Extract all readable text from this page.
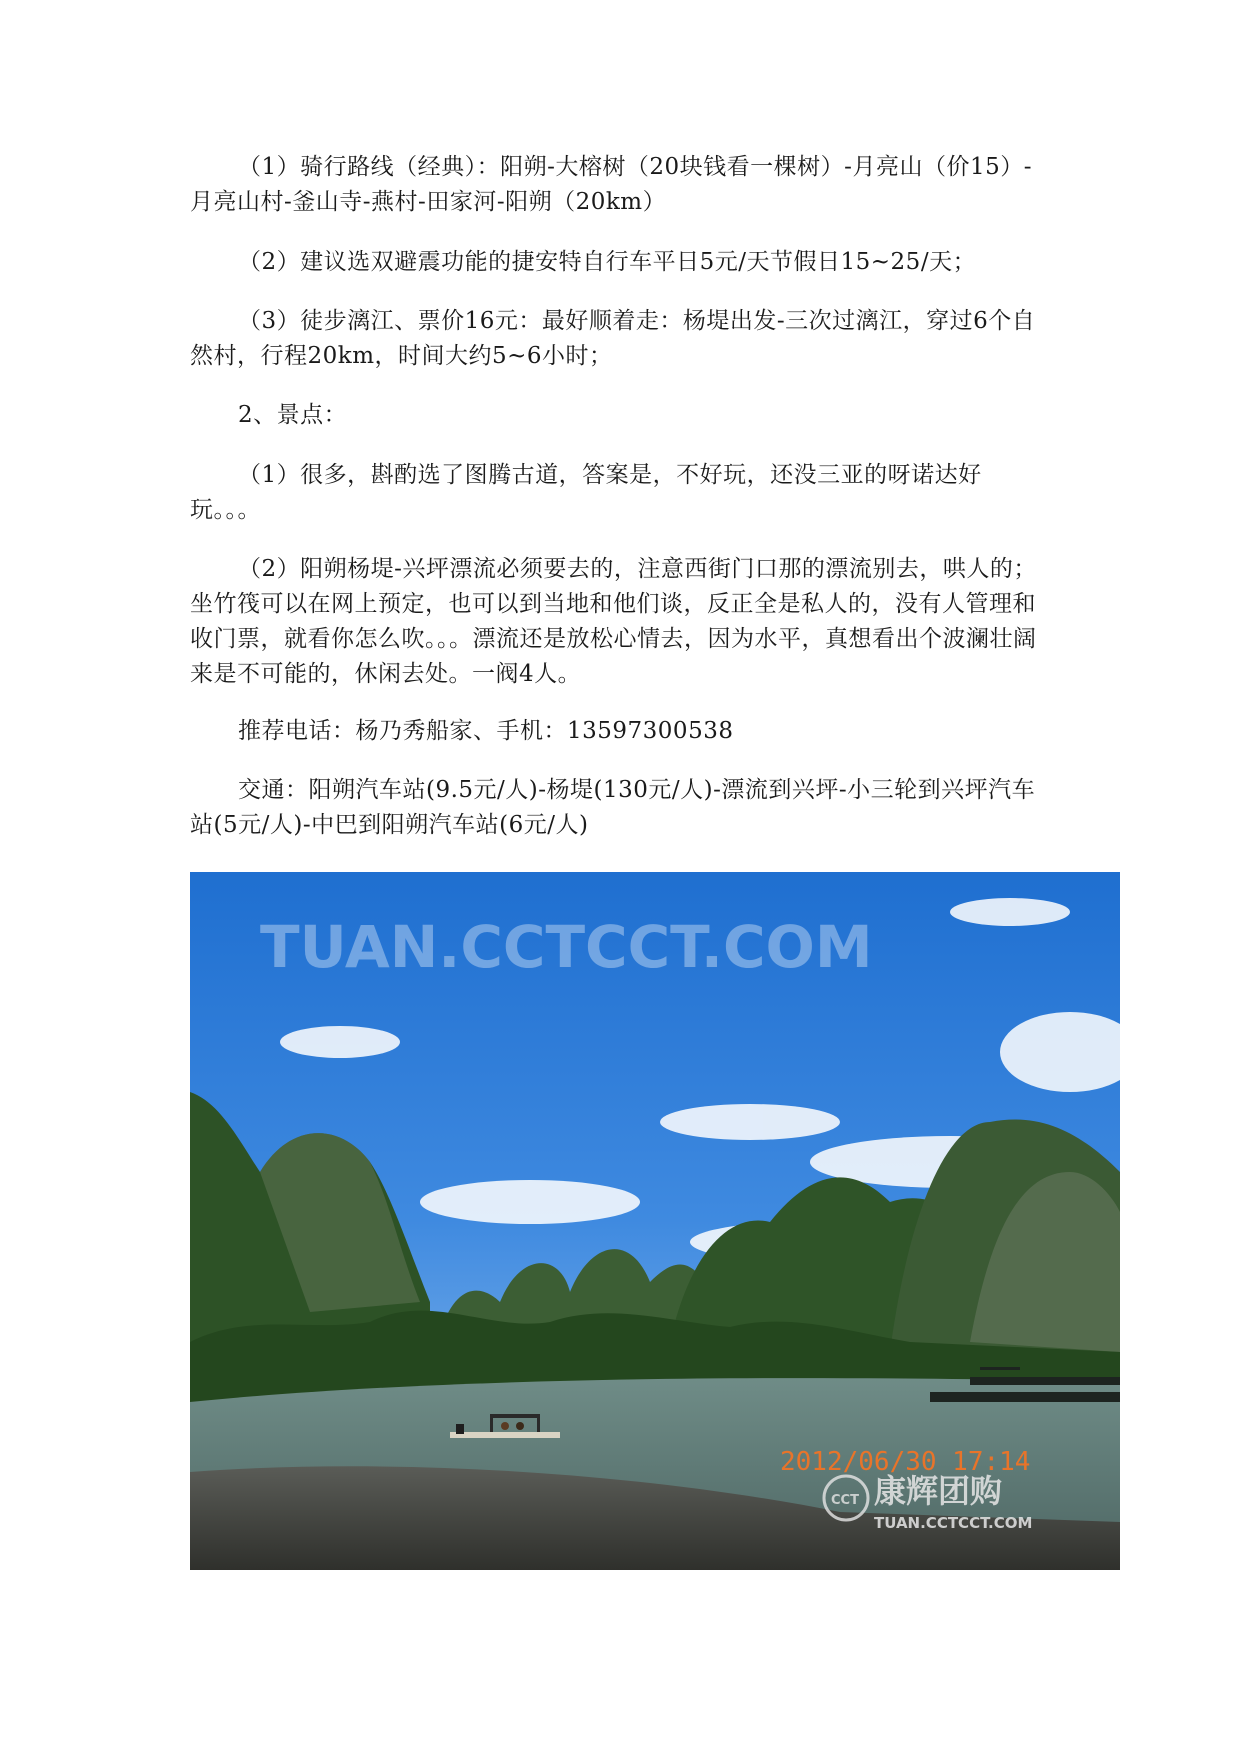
（1）骑行路线（经典）：阳朔-大榕树（20块钱看一棵树）-月亮山（价15）-月亮山村-釜山寺-燕村-田家河-阳朔（20km）

（2）建议选双避震功能的捷安特自行车平日5元/天节假日15~25/天；

（3）徒步漓江、票价16元：最好顺着走：杨堤出发-三次过漓江，穿过6个自然村，行程20km，时间大约5~6小时；

2、景点：

（1）很多，斟酌选了图腾古道，答案是，不好玩，还没三亚的呀诺达好玩。。。

（2）阳朔杨堤-兴坪漂流必须要去的，注意西街门口那的漂流别去，哄人的；坐竹筏可以在网上预定，也可以到当地和他们谈，反正全是私人的，没有人管理和收门票，就看你怎么吹。。。漂流还是放松心情去，因为水平，真想看出个波澜壮阔来是不可能的，休闲去处。一阀4人。

推荐电话：杨乃秀船家、手机：13597300538

交通：阳朔汽车站(9.5元/人)-杨堤(130元/人)-漂流到兴坪-小三轮到兴坪汽车站(5元/人)-中巴到阳朔汽车站(6元/人)

TUAN.CCTCCT.COM
2012/06/30 17:14
CCT 康辉团购
TUAN.CCTCCT.COM
